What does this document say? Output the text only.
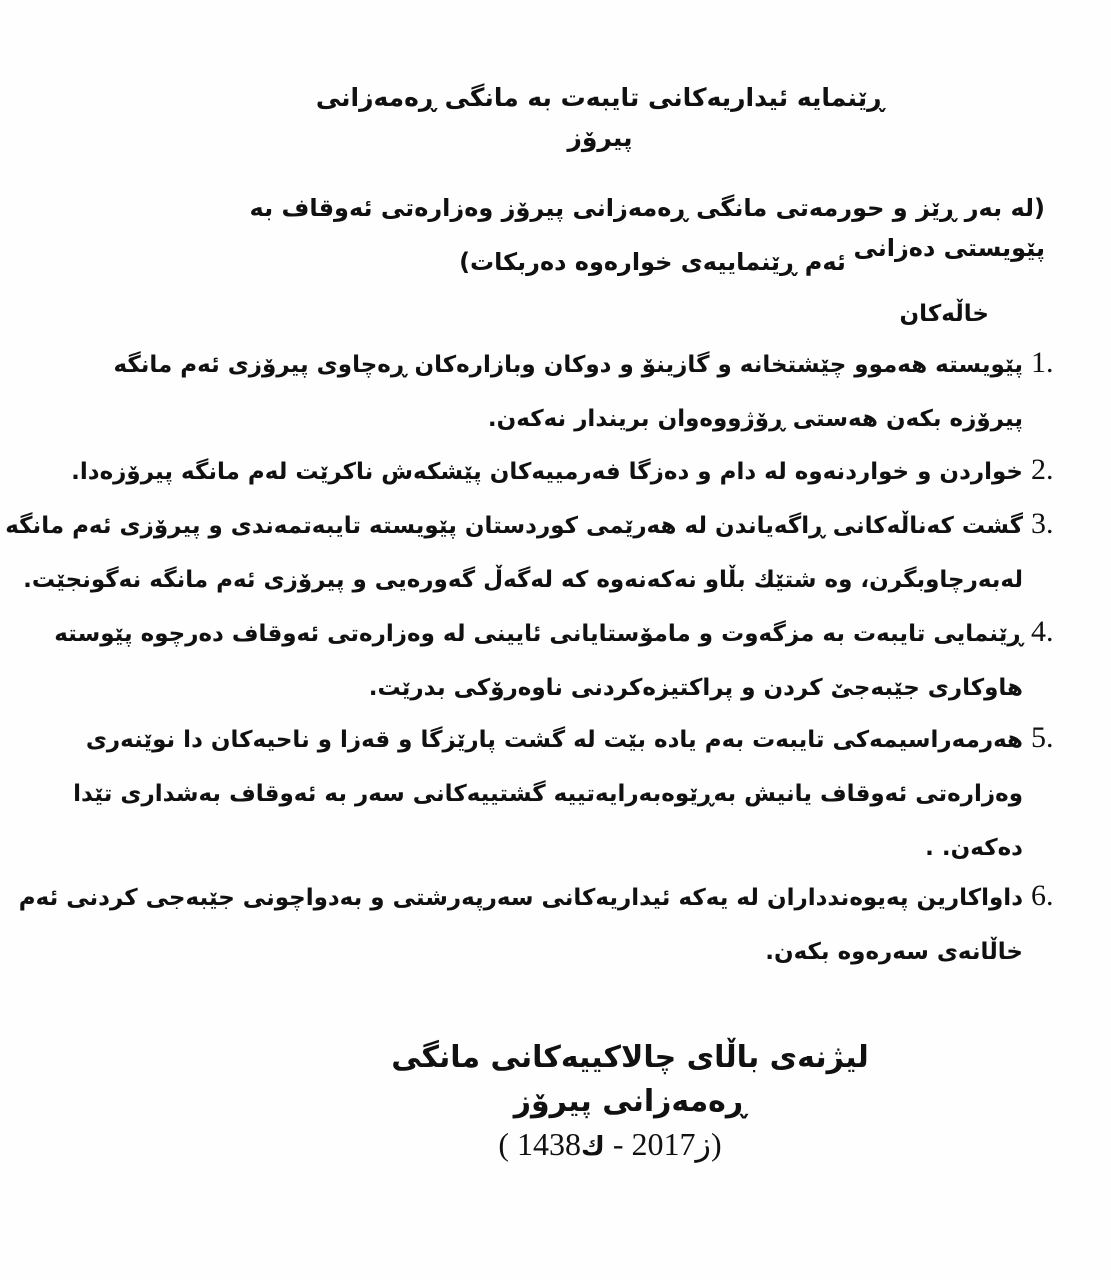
ڕێنمایە ئیداریەکانی تایبەت بە مانگی ڕەمەزانی پیرۆز
(لە بەر ڕێز و حورمەتی مانگی ڕەمەزانی پیرۆز وەزارەتی ئەوقاف بە پێویستی دەزانی
ئەم ڕێنماییەی خوارەوە دەربکات)
خاڵەکان
1.
پێویستە هەموو چێشتخانە و گازینۆ و دوکان وبازارەکان ڕەچاوی پیرۆزی ئەم مانگە
پیرۆزە بکەن هەستی ڕۆژووەوان بریندار نەکەن.
2.
خواردن و خواردنەوە لە دام و دەزگا فەرمییەکان پێشکەش ناکرێت لەم مانگە پیرۆزەدا.
3.
گشت کەناڵەکانی ڕاگەیاندن لە هەرێمی کوردستان پێویستە تایبەتمەندی و پیرۆزی ئەم مانگە
لەبەرچاوبگرن، وە شتێك بڵاو نەکەنەوە کە لەگەڵ گەورەیی و پیرۆزی ئەم مانگە نەگونجێت.
4.
ڕێنمایی تایبەت بە مزگەوت و مامۆستایانی ئایینی لە وەزارەتی ئەوقاف دەرچوە پێوستە
هاوکاری جێبەجێ کردن و پراکتیزەکردنی ناوەرۆکی بدرێت.
5.
هەرمەراسیمەکی تایبەت بەم یادە بێت لە گشت پارێزگا و قەزا و ناحیەکان دا نوێنەری
وەزارەتی ئەوقاف یانیش بەڕێوەبەرایەتییە گشتییەکانی سەر بە ئەوقاف بەشداری تێدا
دەکەن. .
6.
داواکارین پەیوەندداران لە یەکە ئیداریەکانی سەرپەرشتی و بەدواچونی جێبەجی کردنی ئەم
خاڵانەی سەرەوە بکەن.
لیژنەی باڵای چالاکییەکانی مانگی ڕەمەزانی پیرۆز
(ز2017 - ك1438 )
